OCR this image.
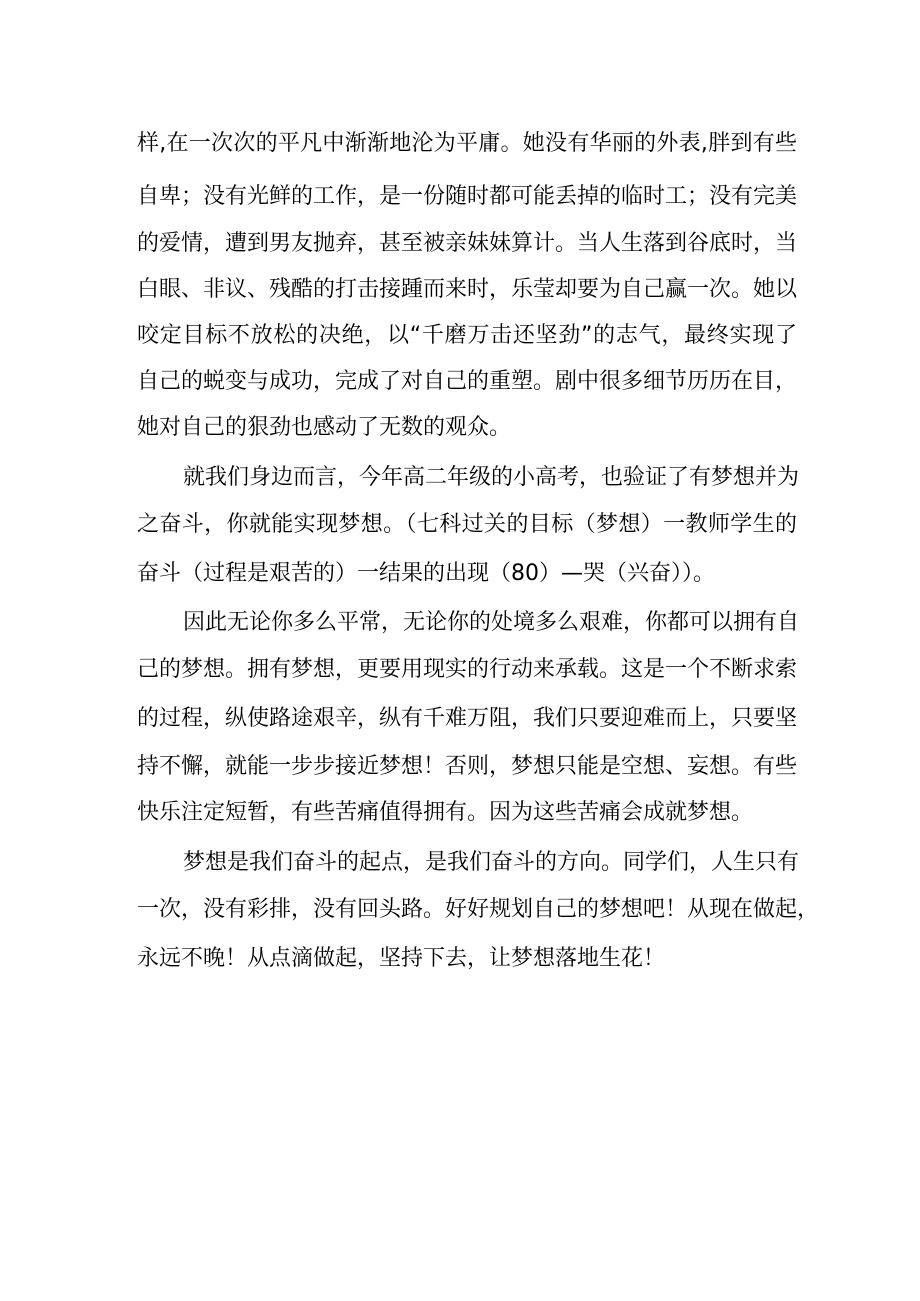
样,在一次次的平凡中渐渐地沦为平庸。她没有华丽的外表,胖到有些
自卑；没有光鲜的工作，是一份随时都可能丢掉的临时工；没有完美
的爱情，遭到男友抛弃，甚至被亲妹妹算计。当人生落到谷底时，当
白眼、非议、残酷的打击接踵而来时，乐莹却要为自己赢一次。她以
咬定目标不放松的决绝，以“千磨万击还坚劲”的志气，最终实现了
自己的蜕变与成功，完成了对自己的重塑。剧中很多细节历历在目，
她对自己的狠劲也感动了无数的观众。
就我们身边而言，今年高二年级的小高考，也验证了有梦想并为
之奋斗，你就能实现梦想。（七科过关的目标（梦想）一教师学生的
奋斗（过程是艰苦的）一结果的出现（80）—哭（兴奋））。
因此无论你多么平常，无论你的处境多么艰难，你都可以拥有自
己的梦想。拥有梦想，更要用现实的行动来承载。这是一个不断求索
的过程，纵使路途艰辛，纵有千难万阻，我们只要迎难而上，只要坚
持不懈，就能一步步接近梦想！否则，梦想只能是空想、妄想。有些
快乐注定短暂，有些苦痛值得拥有。因为这些苦痛会成就梦想。
梦想是我们奋斗的起点，是我们奋斗的方向。同学们，人生只有
一次，没有彩排，没有回头路。好好规划自己的梦想吧！从现在做起，
永远不晚！从点滴做起，坚持下去，让梦想落地生花！
